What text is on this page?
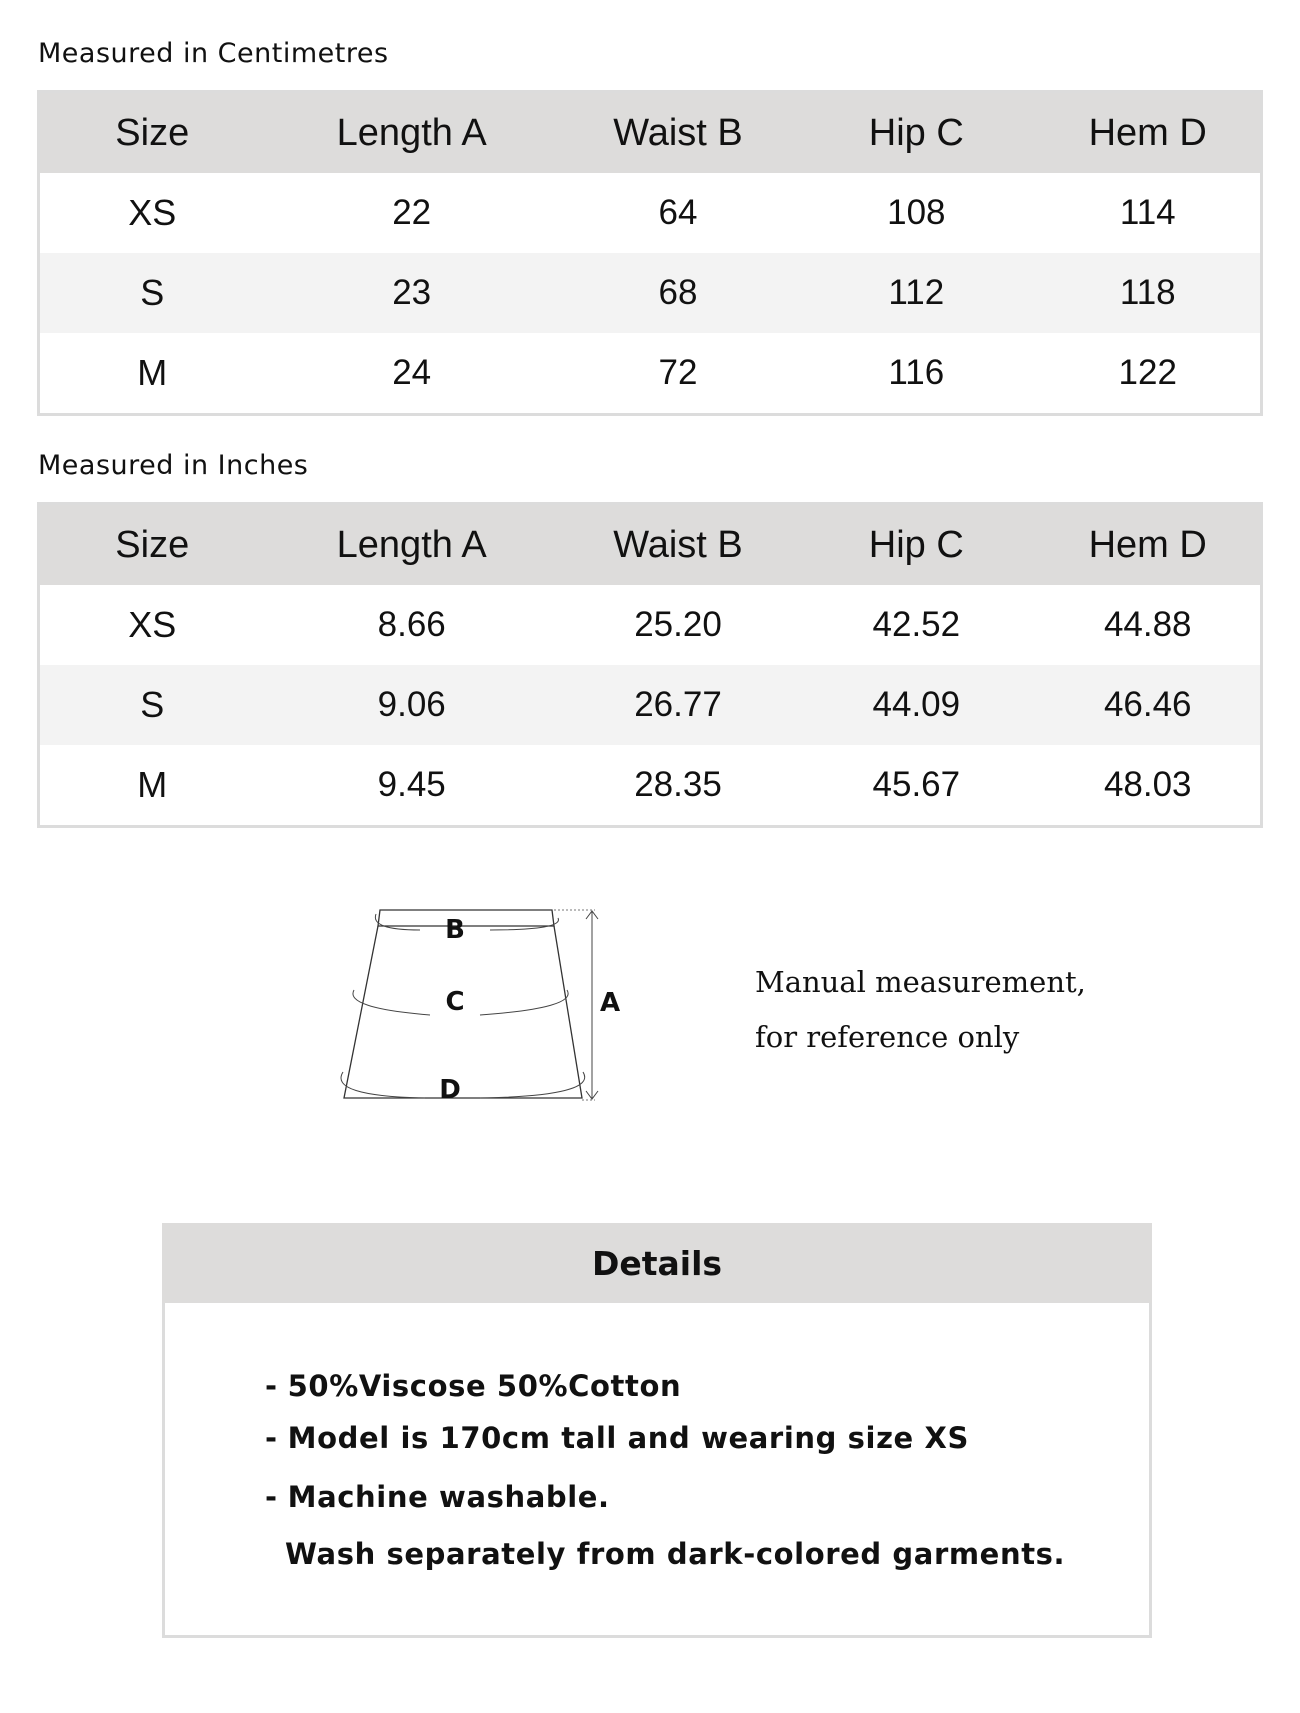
Measured in Centimetres
Size	Length A	Waist B	Hip C	Hem D
XS	22	64	108	114
S	23	68	112	118
M	24	72	116	122
Measured in Inches
Size	Length A	Waist B	Hip C	Hem D
XS	8.66	25.20	42.52	44.88
S	9.06	26.77	44.09	46.46
M	9.45	28.35	45.67	48.03
B
C
D
A

Manual measurement,
for reference only

Details
- 50%Viscose 50%Cotton
- Model is 170cm tall and wearing size XS
- Machine washable.
Wash separately from dark-colored garments.
